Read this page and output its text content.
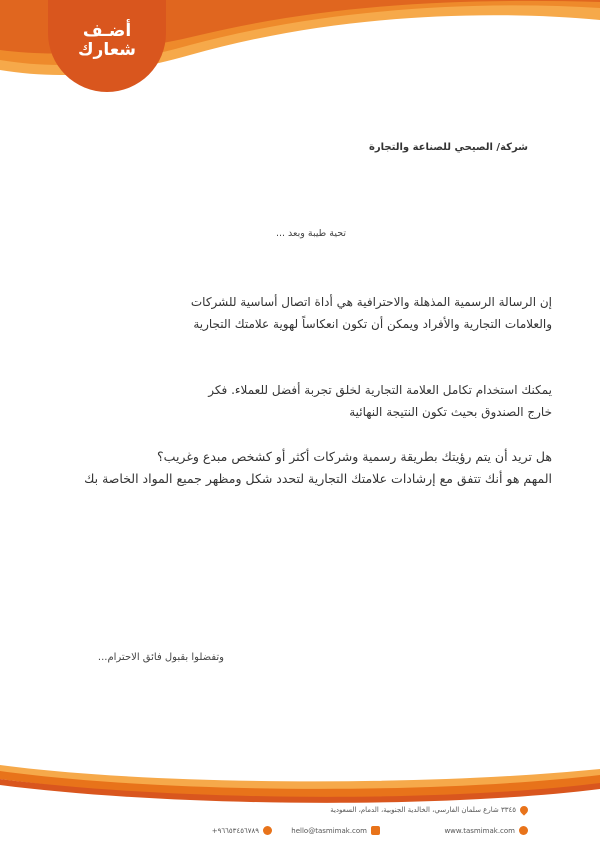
أضـف
شعارك
شركة/ الصيحي للصناعة والتجارة
تحية طيبة وبعد ...
إن الرسالة الرسمية المذهلة والاحترافية هي أداة اتصال أساسية للشركات
والعلامات التجارية والأفراد ويمكن أن تكون انعكاساً لهوية علامتك التجارية
يمكنك استخدام تكامل العلامة التجارية لخلق تجربة أفضل للعملاء. فكر
خارج الصندوق بحيث تكون النتيجة النهائية
هل تريد أن يتم رؤيتك بطريقة رسمية وشركات أكثر أو كشخص مبدع وغريب؟
المهم هو أنك تتفق مع إرشادات علامتك التجارية لتحدد شكل ومظهر جميع المواد الخاصة بك
وتفضلوا بقبول فائق الاحترام...
٣٣٤٥ شارع سلمان الفارسي، الخالدية الجنوبية، الدمام، السعودية
www.tasmimak.com
hello@tasmimak.com
+٩٦٦٥٣٤٥٦٧٨٩
